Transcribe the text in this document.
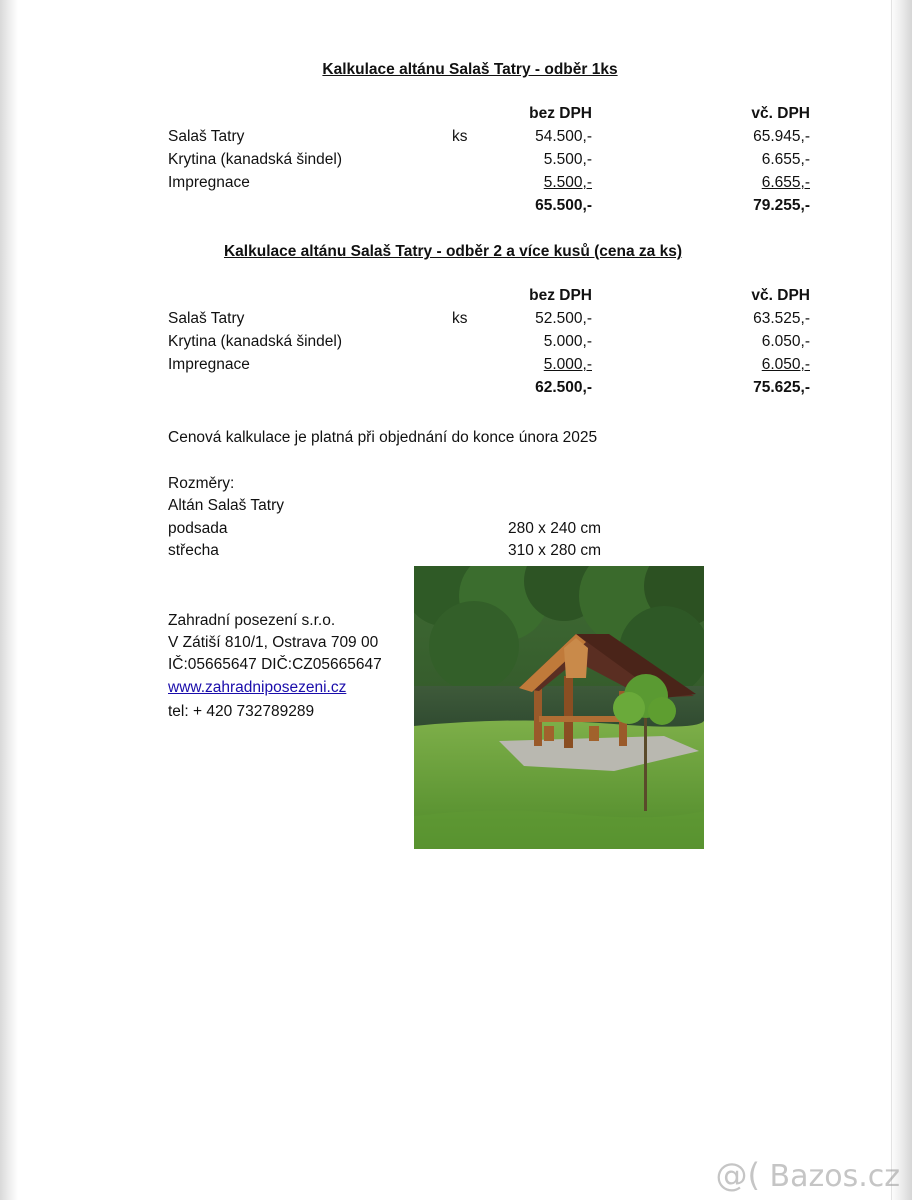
Kalkulace altánu Salaš Tatry - odběr 1ks
bez DPH	vč. DPH
Salaš Tatry	ks	54.500,-	65.945,-
Krytina (kanadská šindel)	5.500,-	6.655,-
Impregnace	5.500,-	6.655,-
65.500,-	79.255,-
Kalkulace altánu Salaš Tatry - odběr 2 a více kusů (cena za ks)
bez DPH	vč. DPH
Salaš Tatry	ks	52.500,-	63.525,-
Krytina (kanadská šindel)	5.000,-	6.050,-
Impregnace	5.000,-	6.050,-
62.500,-	75.625,-
Cenová kalkulace je platná při objednání do konce února 2025
Rozměry:
Altán Salaš Tatry
podsada	280 x 240 cm
střecha	310 x 280 cm
Zahradní posezení s.r.o.
V Zátiší 810/1, Ostrava 709 00
IČ:05665647 DIČ:CZ05665647
www.zahradniposezeni.cz
tel: + 420 732789289
@( Bazos.cz
